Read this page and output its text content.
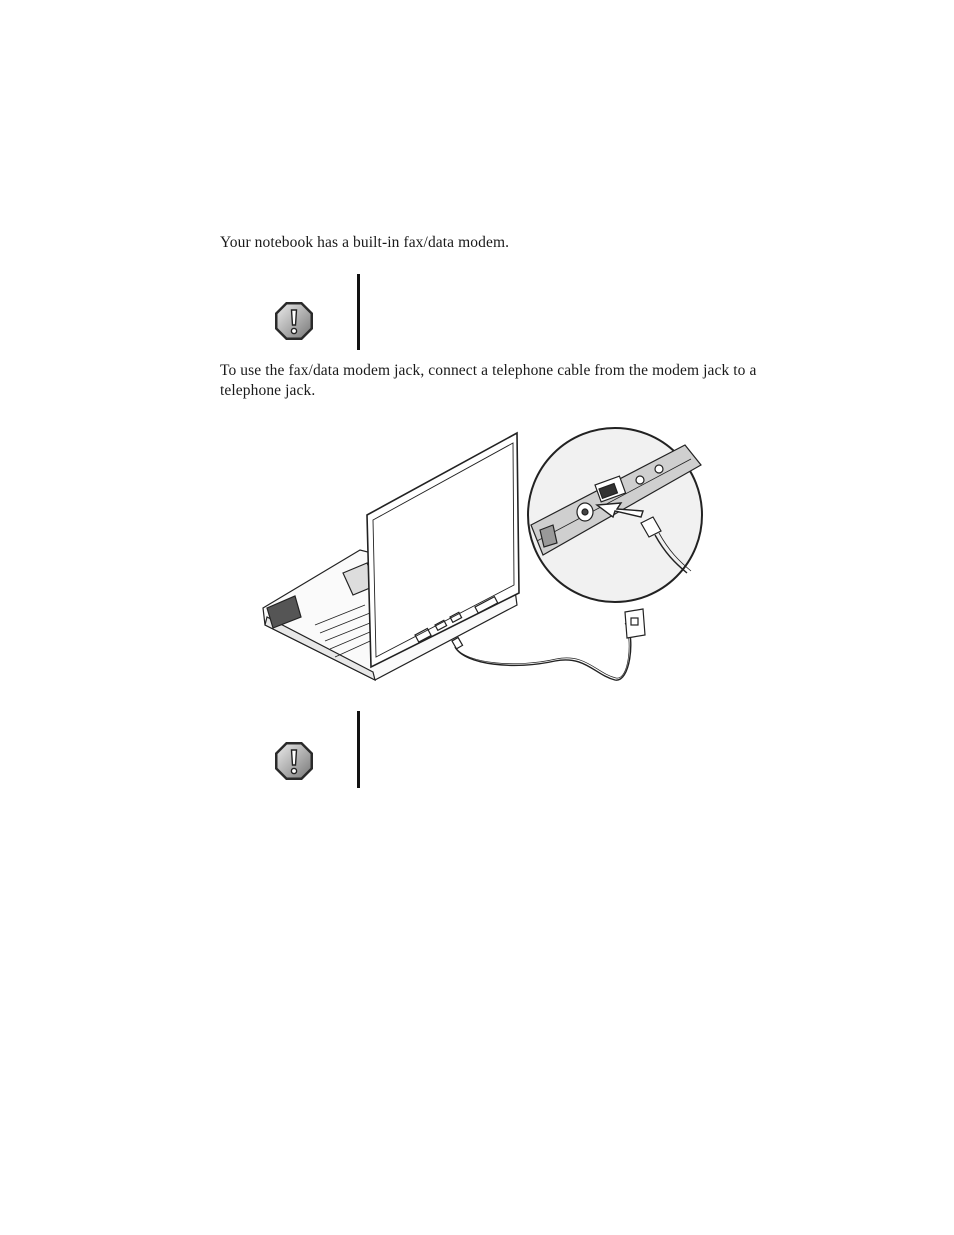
Your notebook has a built-in fax/data modem.

To use the fax/data modem jack, connect a telephone cable from the modem jack to a telephone jack.
